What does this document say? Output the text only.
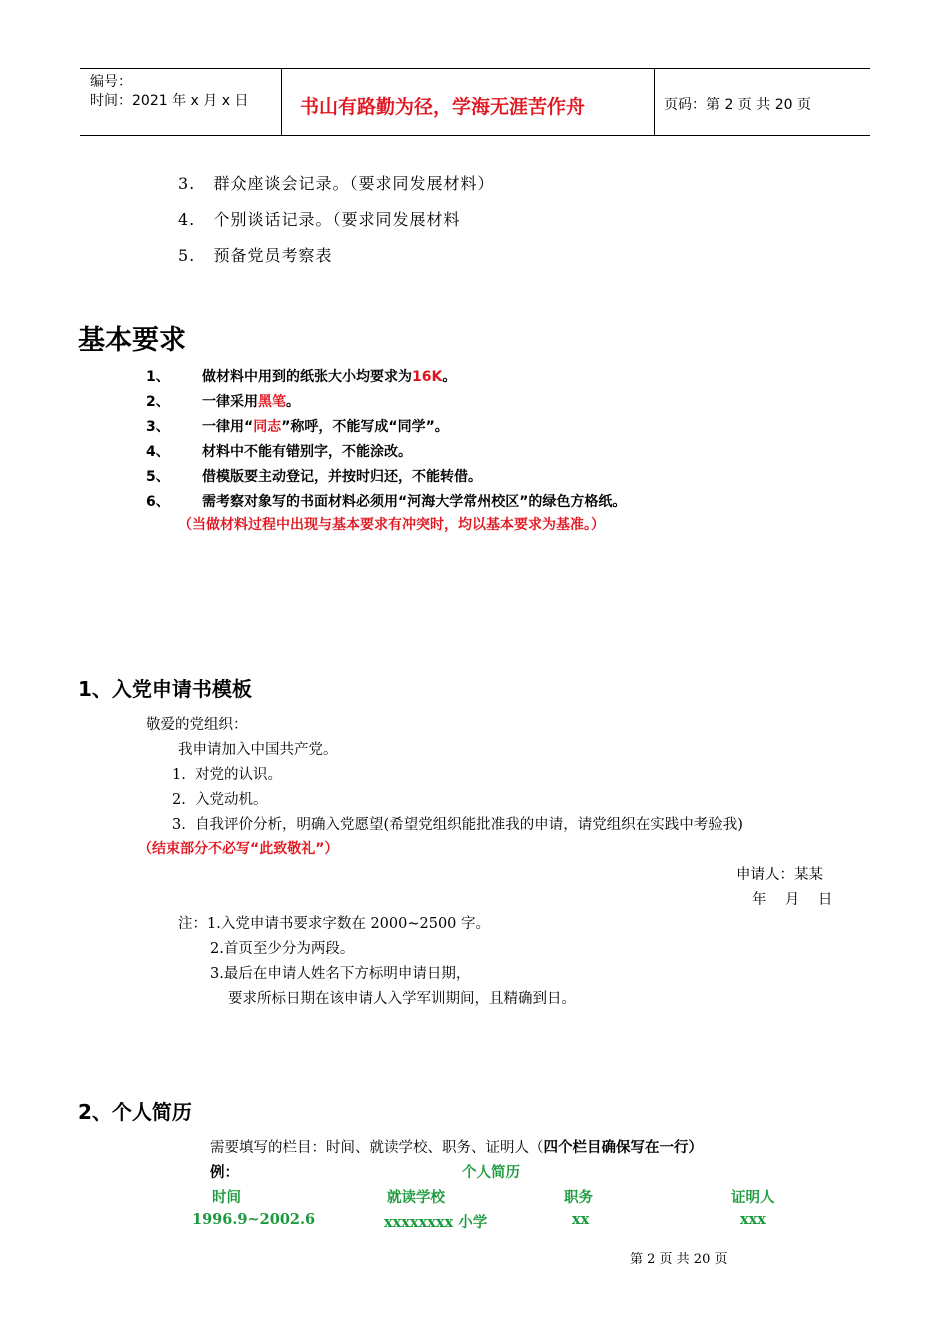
编号：
时间：2021 年 x 月 x 日	书山有路勤为径，学海无涯苦作舟	页码：第 2 页 共 20 页
3. 群众座谈会记录。（要求同发展材料）
4. 个别谈话记录。（要求同发展材料
5. 预备党员考察表
基本要求
1、 做材料中用到的纸张大小均要求为16K。
2、 一律采用黑笔。
3、 一律用“同志”称呼，不能写成“同学”。
4、 材料中不能有错别字，不能涂改。
5、 借模版要主动登记，并按时归还，不能转借。
6、 需考察对象写的书面材料必须用“河海大学常州校区”的绿色方格纸。
（当做材料过程中出现与基本要求有冲突时，均以基本要求为基准。）
1、入党申请书模板
敬爱的党组织：
我申请加入中国共产党。
1. 对党的认识。
2. 入党动机。
3. 自我评价分析，明确入党愿望(希望党组织能批准我的申请，请党组织在实践中考验我)
（结束部分不必写“此致敬礼”）
申请人：某某
年    月    日
注：1.入党申请书要求字数在 2000~2500 字。
2.首页至少分为两段。
3.最后在申请人姓名下方标明申请日期，
要求所标日期在该申请人入学军训期间，且精确到日。
2、个人简历
需要填写的栏目：时间、就读学校、职务、证明人（四个栏目确保写在一行）
例：	个人简历
时间	就读学校	职务	证明人
1996.9~2002.6	xxxxxxxx 小学	xx	xxx
第 2 页 共 20 页
